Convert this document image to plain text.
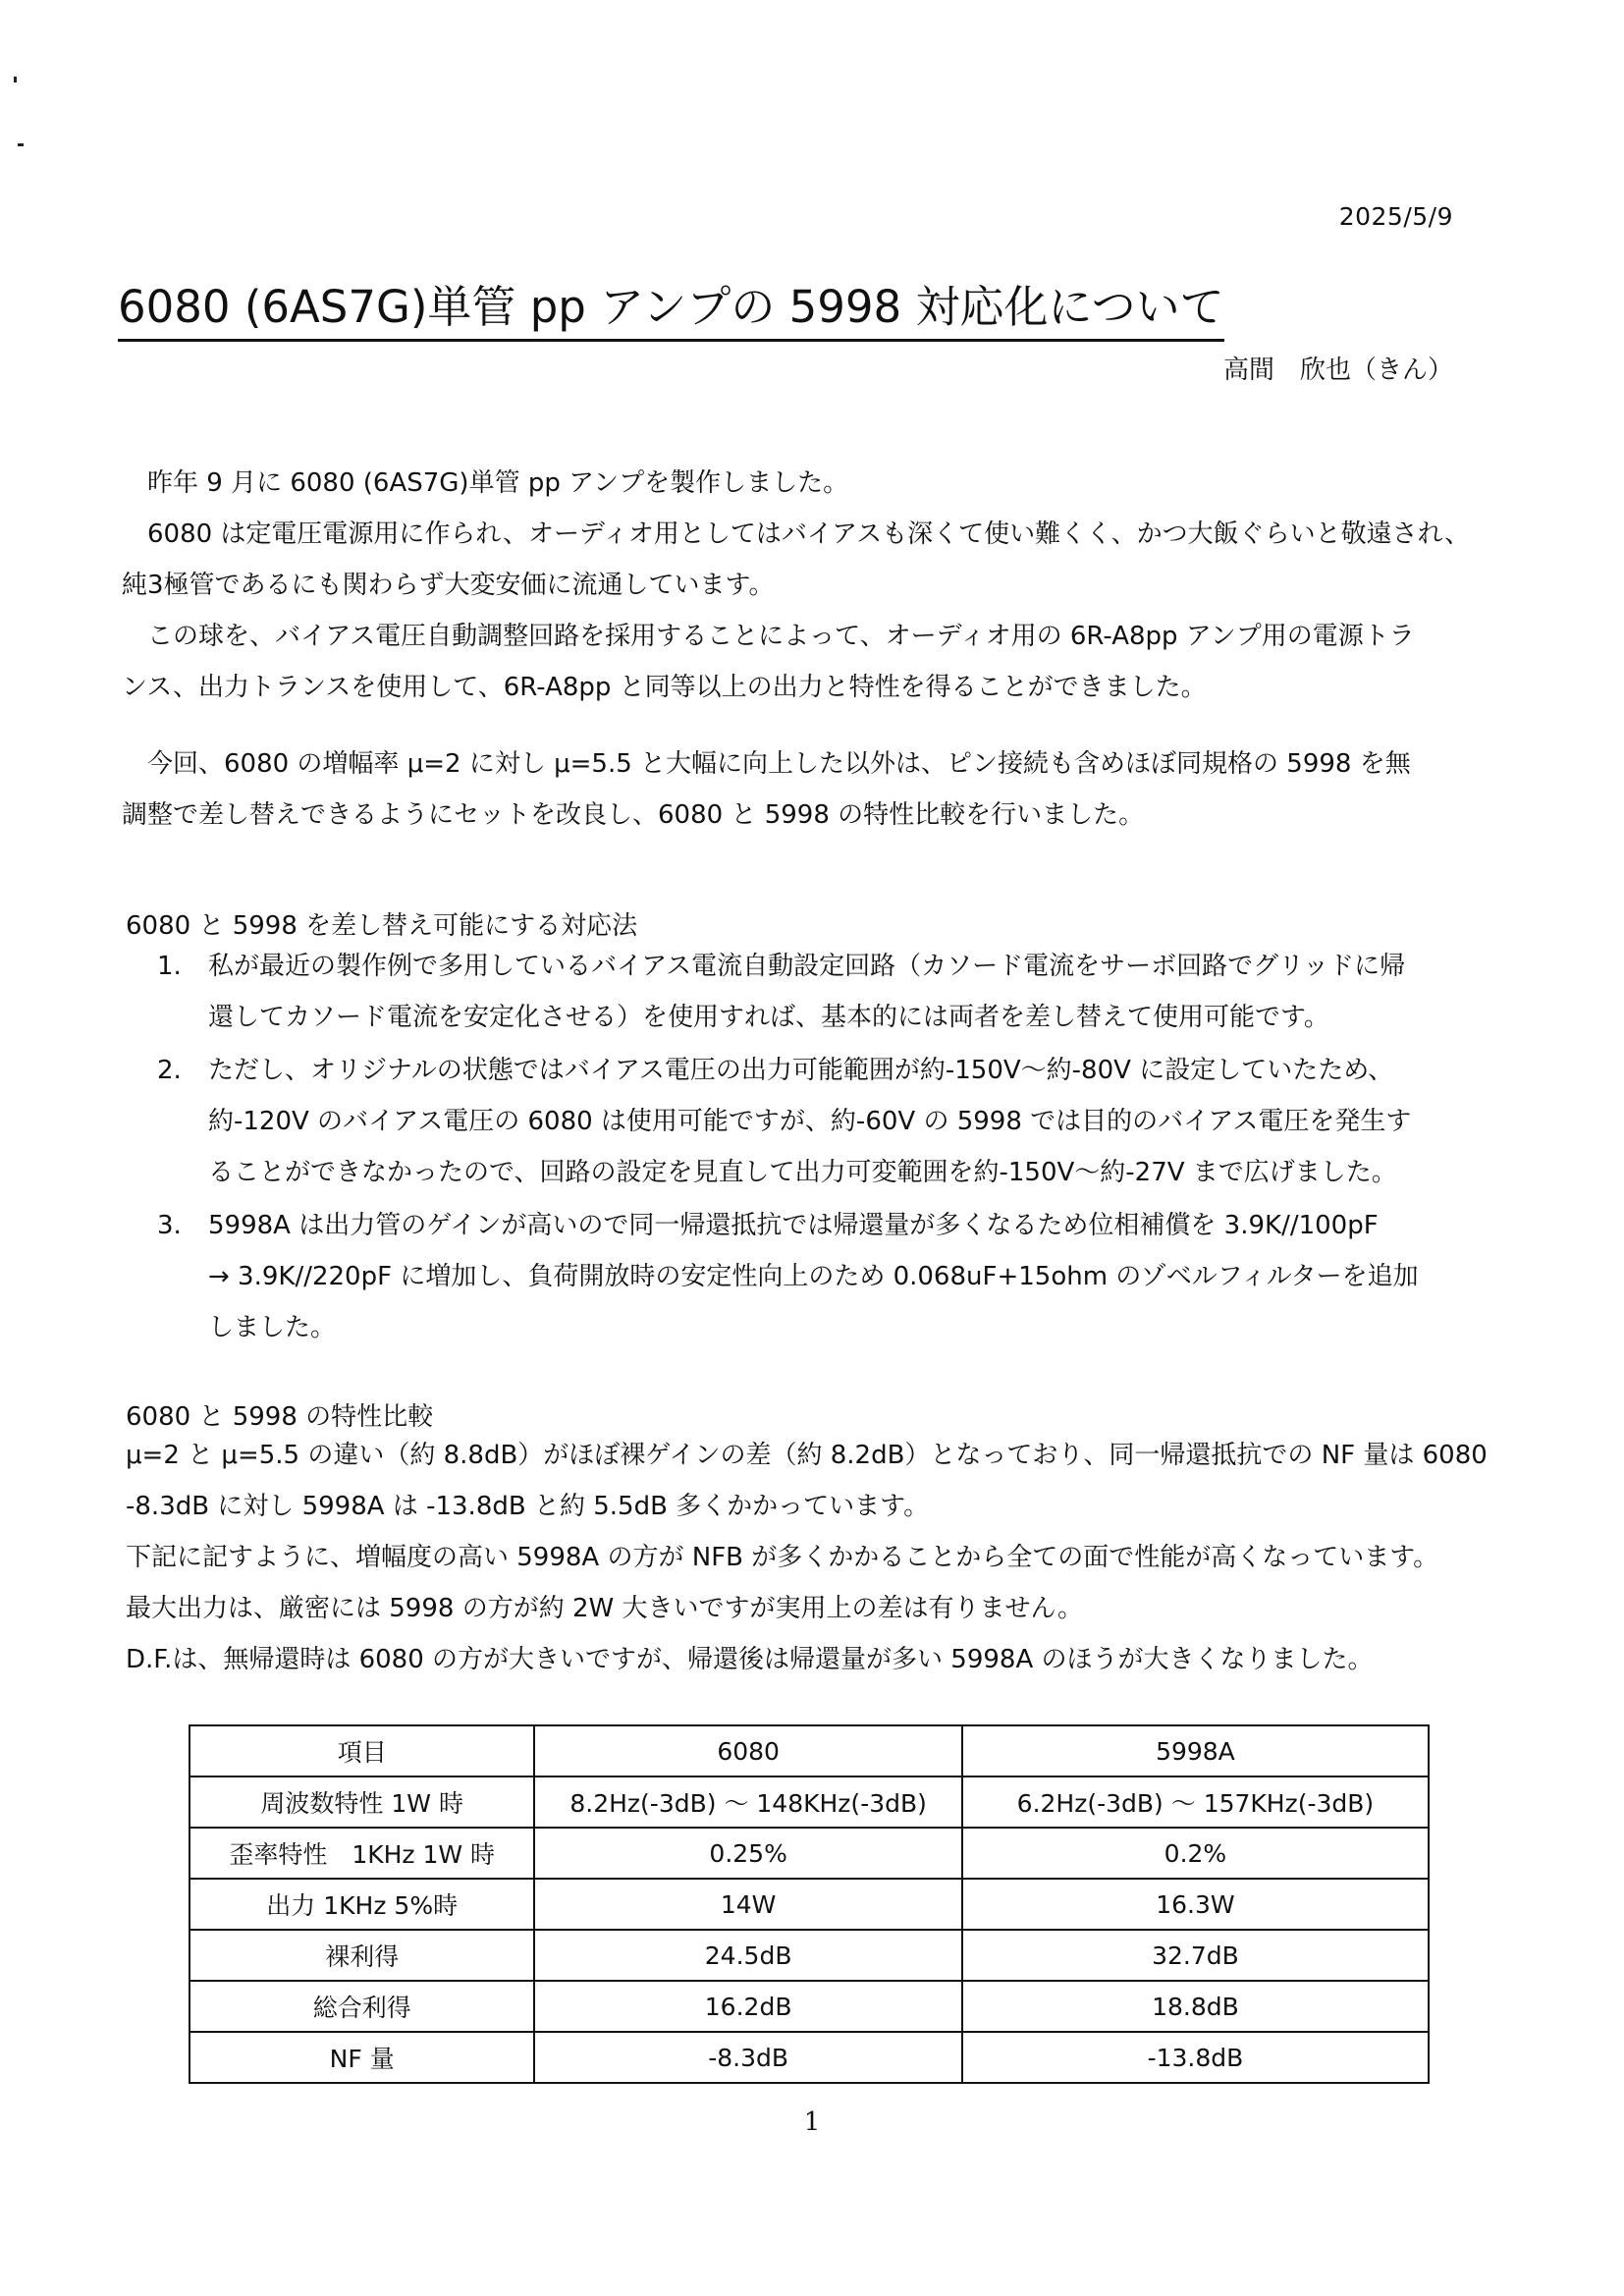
2025/5/9
6080 (6AS7G)単管 pp アンプの 5998 対応化について
高間　欣也（きん）

昨年 9 月に 6080 (6AS7G)単管 pp アンプを製作しました。

6080 は定電圧電源用に作られ、オーディオ用としてはバイアスも深くて使い難くく、かつ大飯ぐらいと敬遠され、

純3極管であるにも関わらず大変安価に流通しています。

この球を、バイアス電圧自動調整回路を採用することによって、オーディオ用の 6R-A8pp アンプ用の電源トラ

ンス、出力トランスを使用して、6R-A8pp と同等以上の出力と特性を得ることができました。

今回、6080 の増幅率 μ=2 に対し μ=5.5 と大幅に向上した以外は、ピン接続も含めほぼ同規格の 5998 を無

調整で差し替えできるようにセットを改良し、6080 と 5998 の特性比較を行いました。

6080 と 5998 を差し替え可能にする対応法
1. 私が最近の製作例で多用しているバイアス電流自動設定回路（カソード電流をサーボ回路でグリッドに帰
還してカソード電流を安定化させる）を使用すれば、基本的には両者を差し替えて使用可能です。
2. ただし、オリジナルの状態ではバイアス電圧の出力可能範囲が約-150V～約-80V に設定していたため、
約-120V のバイアス電圧の 6080 は使用可能ですが、約-60V の 5998 では目的のバイアス電圧を発生す
ることができなかったので、回路の設定を見直して出力可変範囲を約-150V～約-27V まで広げました。
3. 5998A は出力管のゲインが高いので同一帰還抵抗では帰還量が多くなるため位相補償を 3.9K//100pF
→ 3.9K//220pF に増加し、負荷開放時の安定性向上のため 0.068uF+15ohm のゾベルフィルターを追加
しました。
6080 と 5998 の特性比較

μ=2 と μ=5.5 の違い（約 8.8dB）がほぼ裸ゲインの差（約 8.2dB）となっており、同一帰還抵抗での NF 量は 6080

-8.3dB に対し 5998A は -13.8dB と約 5.5dB 多くかかっています。

下記に記すように、増幅度の高い 5998A の方が NFB が多くかかることから全ての面で性能が高くなっています。

最大出力は、厳密には 5998 の方が約 2W 大きいですが実用上の差は有りません。

D.F.は、無帰還時は 6080 の方が大きいですが、帰還後は帰還量が多い 5998A のほうが大きくなりました。

項目	6080	5998A
周波数特性 1W 時	8.2Hz(-3dB) ～ 148KHz(-3dB)	6.2Hz(-3dB) ～ 157KHz(-3dB)
歪率特性　1KHz 1W 時	0.25%	0.2%
出力 1KHz 5%時	14W	16.3W
裸利得	24.5dB	32.7dB
総合利得	16.2dB	18.8dB
NF 量	-8.3dB	-13.8dB
1
